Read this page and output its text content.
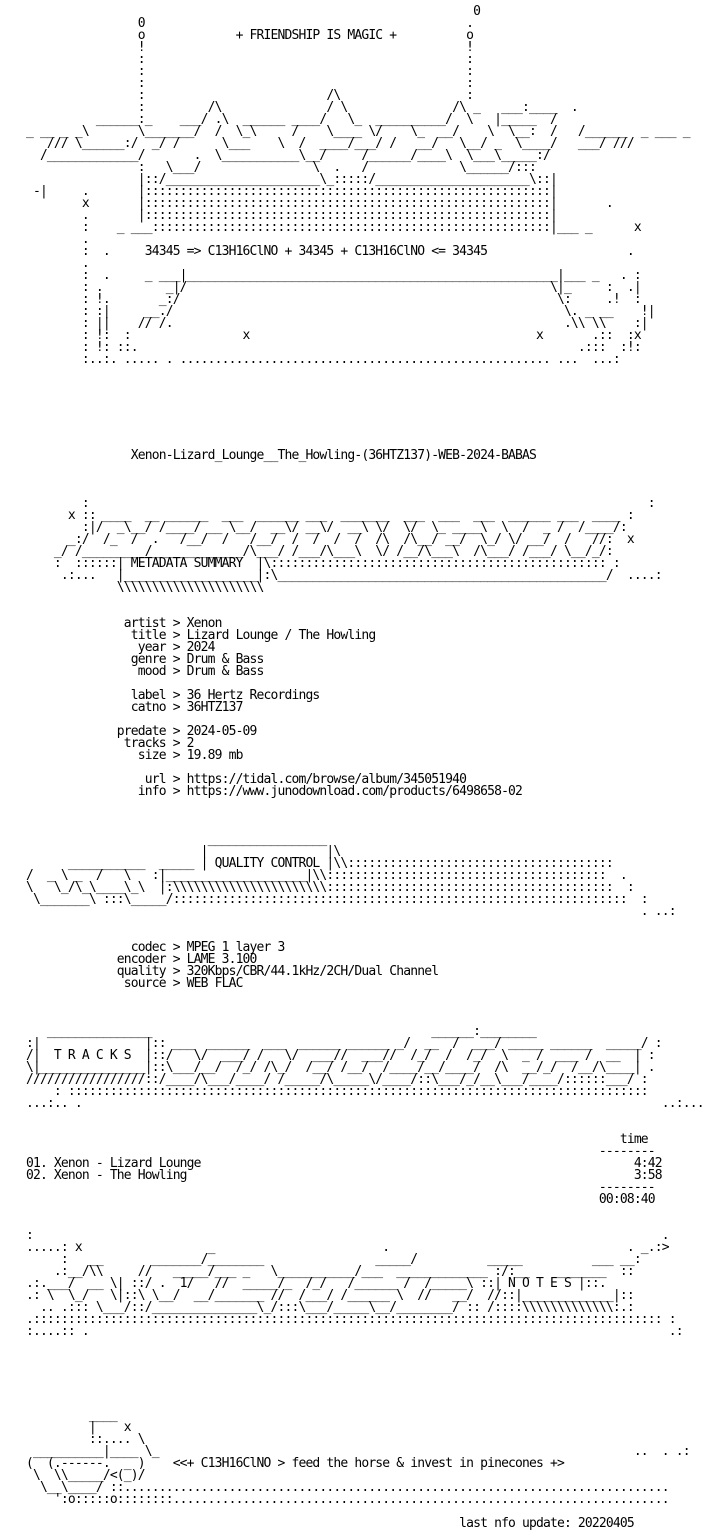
0
0                                              .
o             + FRIENDSHIP IS MAGIC +          o
!                                              !
:                                              :
:                                              :
:                                              :
:                          /\                  :
:         /\               / \               /\ _   ___:____  .
______:_    ___/ .\  ______ ____/   \_  __________/  \   |_____  /
_ __ _ _\       \_______/  /  \_\     /    \____ \/    \_  __/    \  \__:  /   /______  _ ___ _
/// \______:/  _/ /      \___    \  /  ____/___/ /   __/   \__/ _  \____/   ___/ ///
/_____________/       .  \___________\__/     /______/____\  \___\_____:/
:   \___/                \  .   /             \______/:::
|::/______________________\_:::::/______________________\::|
-|     .       |::::::::::::::::::::::::::::::::::::::::::::::::::::::::::|
x       |::::::::::::::::::::::::::::::::::::::::::::::::::::::::::|       .
.       |::::::::::::::::::::::::::::::::::::::::::::::::::::::::::|
:    _ ___:::::::::::::::::::::::::::::::::::::::::::::::::::::::::|___ _      x
.
:  .     34345 => C13H16ClNO + 34345 + C13H16ClNO <= 34345                    .
.
:  .     _ ___|_____________________________________________________|___ _   . :
: .         _|/                                                    \|_     :  .|
: !.       _:/                                                      \:     .!  :
: :|     __./                                                        \. _ __    !|
: ||    // /.                                                        .\\ \\    :|
: !:  :                x                                         x       .::  :x
: !: ::.                                                               .:::  :!:
:..:. ..... . ..................................................... ...  ...:
Xenon-Lizard_Lounge__The_Howling-(36HTZ137)-WEB-2024-BABAS
:                                                                                :
x :: ____  __ ______  ___  ______ ___  _______  ___  ___  ___  ______ ___  ____ :
:|/  _\__/ /____/ __ \__/  __\/ __\/  __\ \/  \/  \_ ____\  \  /  _ /  /____/:
_:/  /_  /  .   /__/  /   /__/  /  /  /  /  /\  /\__/ __/  \_/ \/ __/  /   //:  x
_/ /_________/_____________/\___/ /___/\___\  \/ /__/\___\  /\___/ /___/ \__/_/:
:  ::::::| METADATA SUMMARY  |\:::::::::::::::::::::::::::::::::::::::::::::::: :
.:...   |___________________|:\_______________________________________________/  ....:
\\\\\\\\\\\\\\\\\\\\\
artist > Xenon
title > Lizard Lounge / The Howling
year > 2024
genre > Drum & Bass
mood > Drum & Bass
label > 36 Hertz Recordings
catno > 36HTZ137
predate > 2024-05-09
tracks > 2
size > 19.89 mb
url > https://tidal.com/browse/album/345051940
info > https://www.junodownload.com/products/6498658-02
_________________
|                 |\
___________  _____ | QUALITY CONTROL |\\::::::::::::::::::::::::::::::::::::::
/  _ \ _  /   \   :|____________________|\\::::::::::::::::::::::::::::::::::::::::  .
\   \_/\_\____\_\  |:\\\\\\\\\\\\\\\\\\\\\\:::::::::::::::::::::::::::::::::::::::::  :
\_______\ :::\_____/:::::::::::::::::::::::::::::::::::::::::::::::::::::::::::::::::  :
. ..:
codec > MPEG 1 layer 3
encoder > LAME 3.100
quality > 320Kbps/CBR/44.1kHz/2CH/Dual Channel
source > WEB FLAC
_______________                                        ______:________
:|               |:: ___  ______  ___  ______ ______ _/  __  /  ___/ _____ ______  _____/ :
/|  T R A C K S  |::/   \/  ___/ /   \/  ___//  ___//  /_/  /  /_/  \  _ /  ___ /  __  | :
\|_______________|::\___/__/  /_/ /\_/  /__/ /__/  /____/__/____/  /\  __/_/  /__/\____| .
/////////////////::/____/\___/____/ /_____/\_____\/____/::\___/_/__\___/____/::::::___/ :
: :::::::::::::::::::::::::::::::::::::::::::::::::::::::::::::::::::::::::::::::::::
...:.. .                                                                                   ..:...
time
--------
01. Xenon - Lizard Lounge                                                              4:42
02. Xenon - The Howling                                                                3:58
--------
00:08:40
:                                                                                          .
.....: x                  _                        .                                  . _.:>
:   __       _______/________                _____/          _____          ___ __:
.:__/\\     //   _____/___ _   \___________/___  _____________ :/:__    _______  ::
.:.___/  __ \| ::/ .  1/   //  _____/_  /_/   /______ /  /_____\ ::| N O T E S |::.
.: \  \_/   \|::\ \__/  __/_______ //  /___/ /______ \  //   __/  //::|_____________|::
.. .::: \___/::/_______________\_/:::\___/_____\__/________/ :: /::::\\\\\\\\\\\\\:.:
.:::::::::::::::::::::::::::::::::::::::::::::::::::::::::::::::::::::::::::::::::::::::::: :
:....:: .                                                                                   .:
____
|    x
::.... \
__________|____ \_                                                                    ..  . .:
(  (.------.  _ )    <<+ C13H16ClNO > feed the horse & invest in pinecones +>
\  \\_____/<(_)/
\__\____/ ::..............................................................................
':o:::::o::::::::.......................................................................
last nfo update: 20220405
